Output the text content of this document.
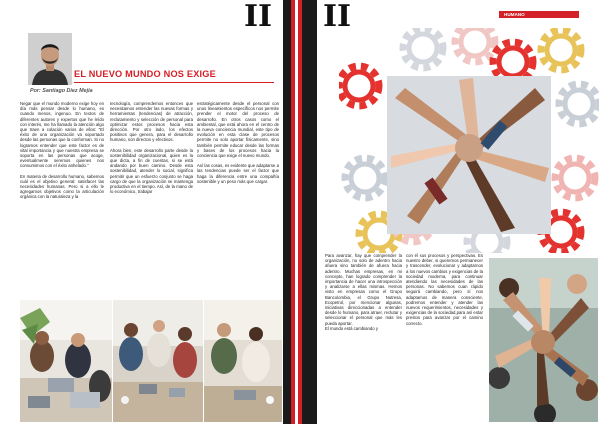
II
EL NUEVO MUNDO NOS EXIGE
Por: Santiago Diez Mejía

Negar que el mundo moderno exige hoy en día más pensar desde lo humano, es cuando menos, ingenuo. En textos de diferentes autores y expertos que he leído con interés, me ha llamado la atención algo que traen a colación varios de ellos: "El éxito de una organización va soportado desde las personas que la conforman. Si no logramos entender que este factor es de vital importancia y que nuestra empresa se soporta en las personas que acoge, eventualmente seremos quienes nos consumimos con el éxito anhelado."

En materia de desarrollo humano, sabemos cuál es el objetivo general: satisfacer las necesidades humanas. Pero si a ello le agregamos objetivos como la articulación orgánica con la naturaleza y la

tecnología, comprendemos entonces que necesitamos entender las nuevas formas y herramientas (tendencias) de atracción, reclutamiento y selección de personal para optimizar estos procesos hacia esta dirección. Por otro lado, los efectos positivos que genera, para el desarrollo humano, son directos y efectivos.

Ahora bien, este desarrollo parte desde la sostenibilidad organizacional, quien es la que dicta, a fin de cuentas, si se está andando por buen camino. Desde esta sostenibilidad, atender lo social, significa permitir que un esfuerzo conjunto se haga cargo de que la organización se mantenga productiva en el tiempo. Así, de la mano de lo económico, trabajar

estratégicamente desde el personal con unos lineamientos específicos nos permite prender el motor del proceso de desarrollo. En otros casos como el ambiental, que está ahora en el centro de la nueva conciencia mundial, este tipo de evolución en esta clase de procesos permite no solo aportar físicamente, sino también permite educar desde las formas y bases de los procesos hacia la conciencia que exige el nuevo mundo.

Así las cosas, es evidente que adaptarse a las tendencias puede ser el factor que haga la diferencia entre una compañía sostenible y un peso más que cargar.

II	HUMANO

Para avanzar, hay que comprender la organización, no solo de adentro hacia afuera sino también de afuera hacia adentro. Muchas empresas, en mi concepto, han logrado comprender la importancia de hacer una introspección y analizarse a ellas mismas. Hemos visto en empresas como el Grupo Bancolombia, el Grupo Nutresa, Ecopetrol, por mencionar algunas, iniciativas direccionadas a entender desde lo humano, para atraer, reclutar y seleccionar el personal que más les pueda aportar.

El mundo está cambiando y

con él sus procesos y perspectivas. Es nuestro deber, si queremos permanecer y trascender, evolucionar y adaptarnos a los nuevos cambios y exigencias de la sociedad moderna, para continuar atendiendo las necesidades de las personas. No sabemos cuan rápido seguirá cambiando, pero sí nos adaptamos de manera consciente, podremos entender y atender las nuevos requerimientos, necesidades y exigencias de la sociedad,para así estar prestos para avanzar por el camino correcto.
